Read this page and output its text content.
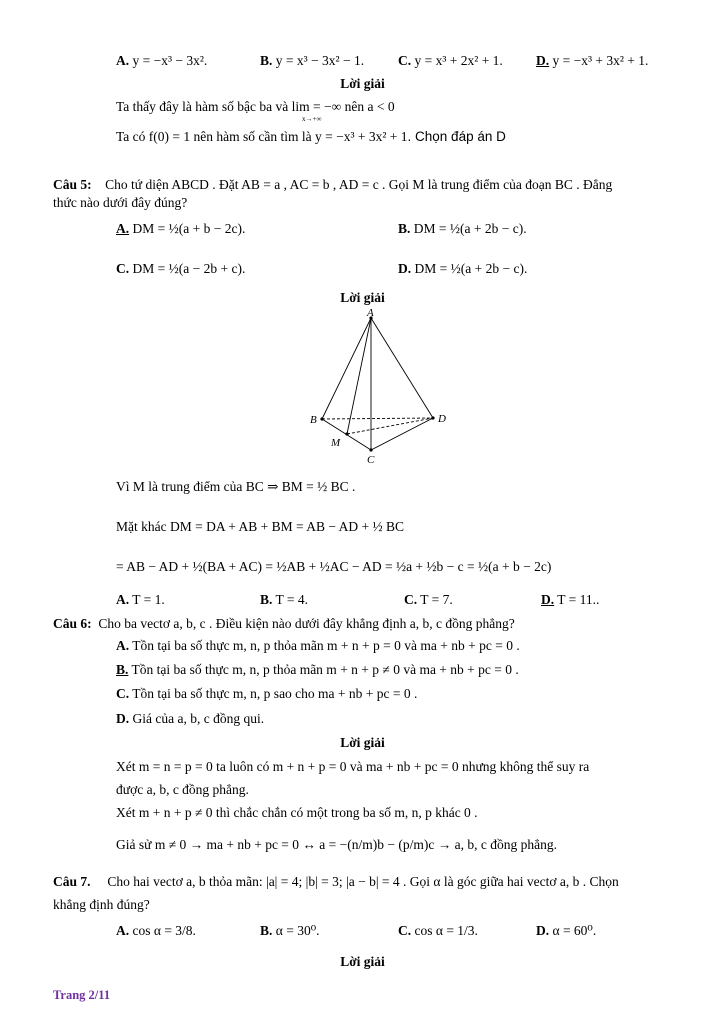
A. y = −x³ − 3x².	B. y = x³ − 3x² − 1.	C. y = x³ + 2x² + 1. D. y = −x³ + 3x² + 1.
Lời giải
Ta thấy đây là hàm số bậc ba và lim = −∞ nên a < 0
x→+∞
Ta có f(0) = 1 nên hàm số cần tìm là y = −x³ + 3x² + 1. Chọn đáp án D
Câu 5: Cho tứ diện ABCD . Đặt AB = a , AC = b , AD = c . Gọi M là trung điểm của đoạn BC . Đẳng
thức nào dưới đây đúng?
A. DM = ½(a + b − 2c).	B. DM = ½(a + 2b − c).
C. DM = ½(a − 2b + c).	D. DM = ½(a + 2b − c).
Lời giải
A
B
C
D
M
Vì M là trung điểm của BC ⇒ BM = ½ BC .
Mặt khác DM = DA + AB + BM = AB − AD + ½ BC
= AB − AD + ½(BA + AC) = ½AB + ½AC − AD = ½a + ½b − c = ½(a + b − 2c)
A. T = 1.	B. T = 4.	C. T = 7.	D. T = 11..
Câu 6: Cho ba vectơ a, b, c . Điều kiện nào dưới đây khẳng định a, b, c đồng phẳng?
A. Tồn tại ba số thực m, n, p thỏa mãn m + n + p = 0 và ma + nb + pc = 0 .
B. Tồn tại ba số thực m, n, p thỏa mãn m + n + p ≠ 0 và ma + nb + pc = 0 .
C. Tồn tại ba số thực m, n, p sao cho ma + nb + pc = 0 .
D. Giá của a, b, c đồng qui.
Lời giải
Xét m = n = p = 0 ta luôn có m + n + p = 0 và ma + nb + pc = 0 nhưng không thể suy ra
được a, b, c đồng phẳng.
Xét m + n + p ≠ 0 thì chắc chắn có một trong ba số m, n, p khác 0 .
Giả sử m ≠ 0 → ma + nb + pc = 0 ↔ a = −(n/m)b − (p/m)c → a, b, c đồng phẳng.
Câu 7. Cho hai vectơ a, b thỏa mãn: |a| = 4; |b| = 3; |a − b| = 4 . Gọi α là góc giữa hai vectơ a, b . Chọn
khẳng định đúng?
A. cos α = 3/8.	B. α = 30⁰.	C. cos α = 1/3.	D. α = 60⁰.
Lời giải
Trang 2/11
